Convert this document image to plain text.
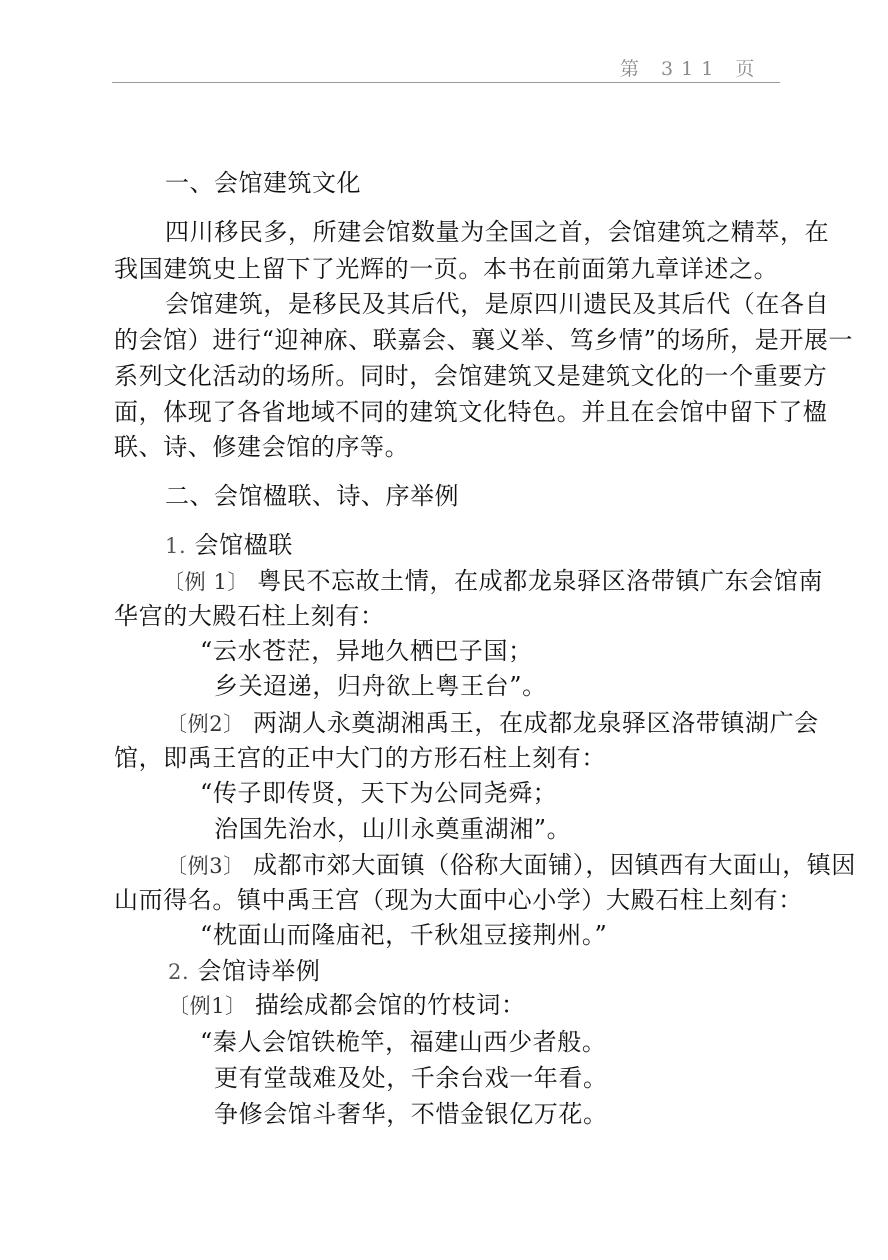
第 311 页
一、会馆建筑文化
四川移民多，所建会馆数量为全国之首，会馆建筑之精萃，在
我国建筑史上留下了光辉的一页。本书在前面第九章详述之。
会馆建筑，是移民及其后代，是原四川遗民及其后代（在各自
的会馆）进行“迎神庥、联嘉会、襄义举、笃乡情”的场所，是开展一
系列文化活动的场所。同时，会馆建筑又是建筑文化的一个重要方
面，体现了各省地域不同的建筑文化特色。并且在会馆中留下了楹
联、诗、修建会馆的序等。
二、会馆楹联、诗、序举例
1. 会馆楹联
〔例 1〕 粤民不忘故土情，在成都龙泉驿区洛带镇广东会馆南
华宫的大殿石柱上刻有：
“云水苍茫，异地久栖巴子国；
乡关迢递，归舟欲上粤王台”。
〔例2〕 两湖人永奠湖湘禹王，在成都龙泉驿区洛带镇湖广会
馆，即禹王宫的正中大门的方形石柱上刻有：
“传子即传贤，天下为公同尧舜；
治国先治水，山川永奠重湖湘”。
〔例3〕 成都市郊大面镇（俗称大面铺），因镇西有大面山，镇因
山而得名。镇中禹王宫（现为大面中心小学）大殿石柱上刻有：
“枕面山而隆庙祀，千秋俎豆接荆州。”
2. 会馆诗举例
〔例1〕 描绘成都会馆的竹枝词：
“秦人会馆铁桅竿，福建山西少者般。
更有堂哉难及处，千余台戏一年看。
争修会馆斗奢华，不惜金银亿万花。
